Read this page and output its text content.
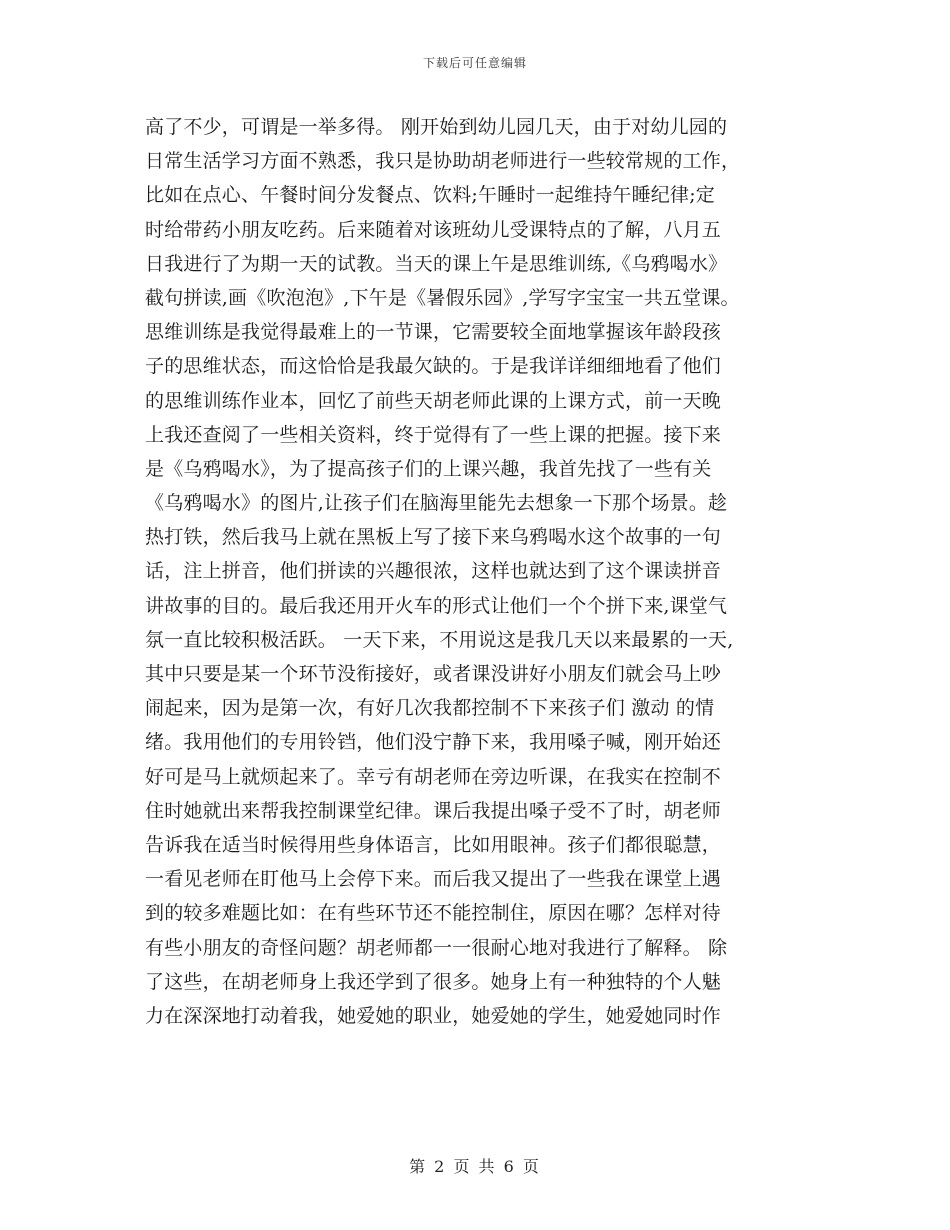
下载后可任意编辑
高了不少，可谓是一举多得。 刚开始到幼儿园几天，由于对幼儿园的
日常生活学习方面不熟悉，我只是协助胡老师进行一些较常规的工作，
比如在点心、午餐时间分发餐点、饮料;午睡时一起维持午睡纪律;定
时给带药小朋友吃药。后来随着对该班幼儿受课特点的了解，八月五
日我进行了为期一天的试教。当天的课上午是思维训练,《乌鸦喝水》
截句拼读,画《吹泡泡》,下午是《暑假乐园》,学写字宝宝一共五堂课。
思维训练是我觉得最难上的一节课，它需要较全面地掌握该年龄段孩
子的思维状态，而这恰恰是我最欠缺的。于是我详详细细地看了他们
的思维训练作业本，回忆了前些天胡老师此课的上课方式，前一天晚
上我还查阅了一些相关资料，终于觉得有了一些上课的把握。接下来
是《乌鸦喝水》，为了提高孩子们的上课兴趣，我首先找了一些有关
《乌鸦喝水》的图片,让孩子们在脑海里能先去想象一下那个场景。趁
热打铁，然后我马上就在黑板上写了接下来乌鸦喝水这个故事的一句
话，注上拼音，他们拼读的兴趣很浓，这样也就达到了这个课读拼音
讲故事的目的。最后我还用开火车的形式让他们一个个拼下来,课堂气
氛一直比较积极活跃。 一天下来，不用说这是我几天以来最累的一天,
其中只要是某一个环节没衔接好，或者课没讲好小朋友们就会马上吵
闹起来，因为是第一次，有好几次我都控制不下来孩子们 激动 的情
绪。我用他们的专用铃铛，他们没宁静下来，我用嗓子喊，刚开始还
好可是马上就烦起来了。幸亏有胡老师在旁边听课，在我实在控制不
住时她就出来帮我控制课堂纪律。课后我提出嗓子受不了时，胡老师
告诉我在适当时候得用些身体语言，比如用眼神。孩子们都很聪慧，
一看见老师在盯他马上会停下来。而后我又提出了一些我在课堂上遇
到的较多难题比如：在有些环节还不能控制住，原因在哪？怎样对待
有些小朋友的奇怪问题？胡老师都一一很耐心地对我进行了解释。 除
了这些，在胡老师身上我还学到了很多。她身上有一种独特的个人魅
力在深深地打动着我，她爱她的职业，她爱她的学生，她爱她同时作
第 2 页 共 6 页
